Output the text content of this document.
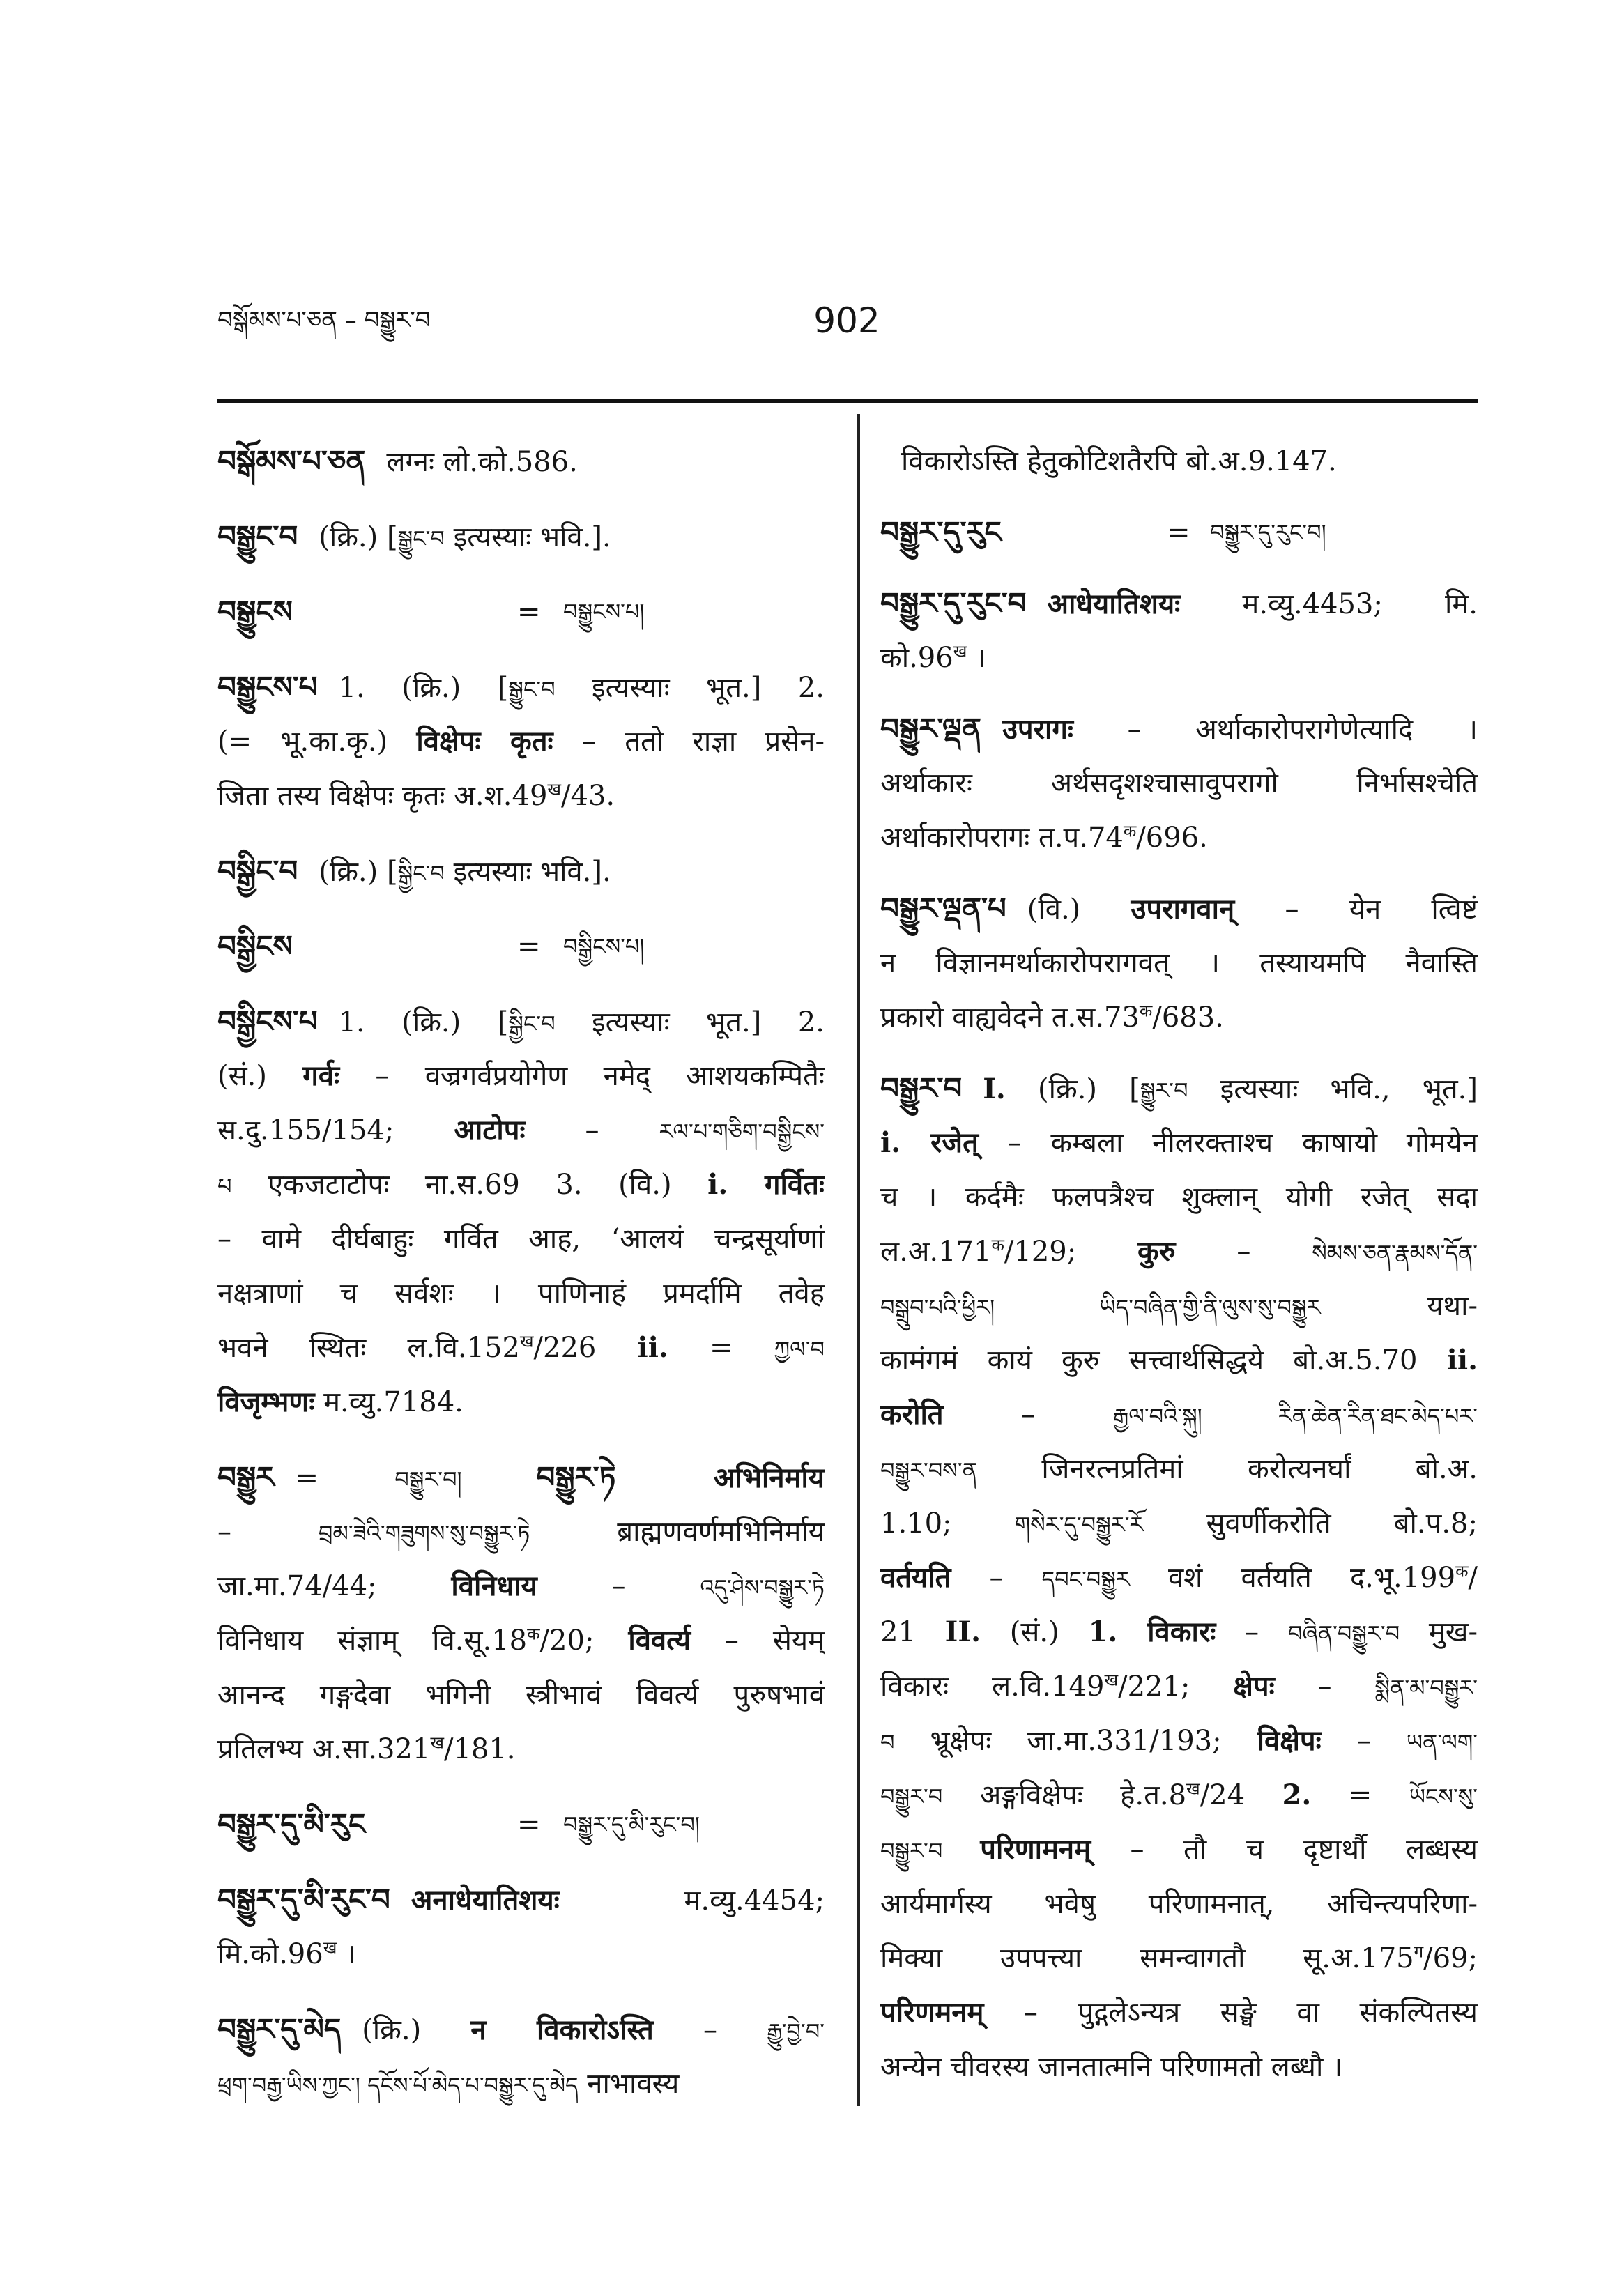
བསྒོམས་པ་ཅན – བསྒྱུར་བ	902
བསྒོམས་པ་ཅན लग्नः लो.को.586.
བསྒྱུང་བ (क्रि.) [སྒྱུང་བ इत्यस्याः भवि.].
བསྒྱུངས	= བསྒྱུངས་པ།
བསྒྱུངས་པ 1. (क्रि.) [སྒྱུང་བ इत्यस्याः भूत.] 2.
(= भू.का.कृ.) विक्षेपः कृतः – ततो राज्ञा प्रसेन-
जिता तस्य विक्षेपः कृतः $अ.श.49^ख/43$.
བསྒྱིང་བ (क्रि.) [སྒྱིང་བ इत्यस्याः भवि.].
བསྒྱིངས	= བསྒྱིངས་པ།
བསྒྱིངས་པ 1. (क्रि.) [སྒྱིང་བ इत्यस्याः भूत.] 2.
(सं.) गर्वः – वज्रगर्वप्रयोगेण नमेद् आशयकम्पितैः
स.दु.155/154; आटोपः – རལ་པ་གཅིག་བསྒྱིངས་
པ एकजटाटोपः ना.स.69 3. (वि.) i. गर्वितः
– वामे दीर्घबाहुः गर्वित आह, ‘आलयं चन्द्रसूर्याणां
नक्षत्राणां च सर्वशः । पाणिनाहं प्रमर्दामि तवेह
भवने स्थितः $ल.वि.152^ख/226$ ii. = ཀྱལ་བ
विजृम्भणः म.व्यु.7184.
བསྒྱུར = བསྒྱུར་བ། བསྒྱུར་ཏེ अभिनिर्माय
– བྲམ་ཟེའི་གཟུགས་སུ་བསྒྱུར་ཏེ ब्राह्मणवर्णमभिनिर्माय
जा.मा.74/44; विनिधाय – འདུ་ཤེས་བསྒྱུར་ཏེ
विनिधाय संज्ञाम् $वि.सू.18^क/20$; विवर्त्य – सेयम्
आनन्द गङ्गदेवा भगिनी स्त्रीभावं विवर्त्य पुरुषभावं
प्रतिलभ्य $अ.सा.321^ख/181$.
བསྒྱུར་དུ་མི་རུང	= བསྒྱུར་དུ་མི་རུང་བ།
བསྒྱུར་དུ་མི་རུང་བ अनाधेयातिशयः म.व्यु.4454;
$मि.को.96^ख$ ।
བསྒྱུར་དུ་མེད (क्रि.) न विकारोऽस्ति – རྒྱུ་བྱེ་བ་
ཕྲག་བརྒྱ་ཡིས་ཀྱང་། དངོས་པོ་མེད་པ་བསྒྱུར་དུ་མེད नाभावस्य
विकारोऽस्ति हेतुकोटिशतैरपि बो.अ.9.147.
བསྒྱུར་དུ་རུང	= བསྒྱུར་དུ་རུང་བ།
བསྒྱུར་དུ་རུང་བ आधेयातिशयः म.व्यु.4453; मि.
$को.96^ख$ ।
བསྒྱུར་ལྡན उपरागः – अर्थाकारोपरागेणेत्यादि ।
अर्थाकारः अर्थसदृशश्चासावुपरागो निर्भासश्चेति
अर्थाकारोपरागः $त.प.74^क/696$.
བསྒྱུར་ལྡན་པ (वि.) उपरागवान् – येन त्विष्टं
न विज्ञानमर्थाकारोपरागवत् । तस्यायमपि नैवास्ति
प्रकारो वाह्यवेदने $त.स.73^क/683$.
བསྒྱུར་བ I. (क्रि.) [སྒྱུར་བ इत्यस्याः भवि., भूत.]
i. रजेत् – कम्बला नीलरक्ताश्च काषायो गोमयेन
च । कर्दमैः फलपत्रैश्च शुक्लान् योगी रजेत् सदा
$ल.अ.171^क/129$; कुरु – སེམས་ཅན་རྣམས་དོན་
བསྒྲུབ་པའི་ཕྱིར། ཡིད་བཞིན་གྱི་ནི་ལུས་སུ་བསྒྱུར यथा-
कामंगमं कायं कुरु सत्त्वार्थसिद्धये बो.अ.5.70 ii.
करोति – རྒྱལ་བའི་སྐུ། རིན་ཆེན་རིན་ཐང་མེད་པར་
བསྒྱུར་བས་ན जिनरत्नप्रतिमां करोत्यनर्घां बो.अ.
1.10; གསེར་དུ་བསྒྱུར་རོ सुवर्णीकरोति बो.प.8;
वर्तयति – དབང་བསྒྱུར वशं वर्तयति $द.भू.199^क/$
21 II. (सं.) 1. विकारः – བཞིན་བསྒྱུར་བ मुख-
विकारः $ल.वि.149^ख/221$; क्षेपः – སྨིན་མ་བསྒྱུར་
བ भ्रूक्षेपः जा.मा.331/193; विक्षेपः – ཡན་ལག་
བསྒྱུར་བ अङ्गविक्षेपः $हे.त.8^ख/24$ 2. = ཡོངས་སུ་
བསྒྱུར་བ परिणामनम् – तौ च दृष्टार्थौ लब्धस्य
आर्यमार्गस्य भवेषु परिणामनात्, अचिन्त्यपरिणा-
मिक्या उपपत्त्या समन्वागतौ $सू.अ.175^ग/69$;
परिणमनम् – पुद्गलेऽन्यत्र सङ्घे वा संकल्पितस्य
अन्येन चीवरस्य जानतात्मनि परिणामतो लब्धौ ।
